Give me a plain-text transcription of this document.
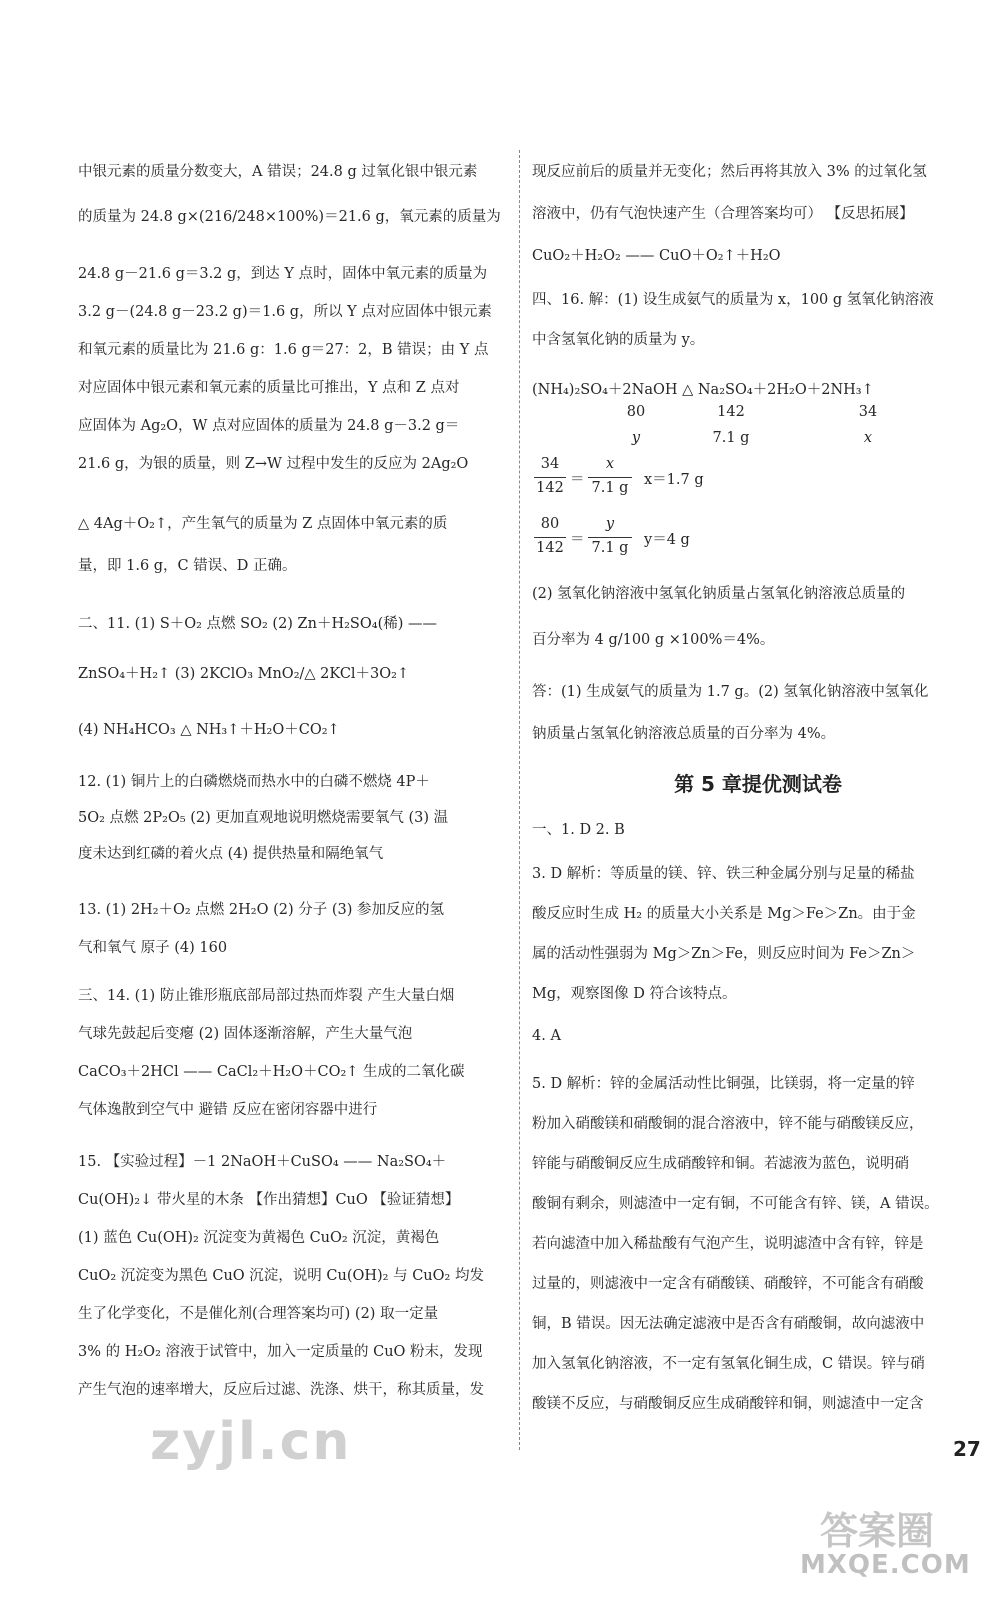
中银元素的质量分数变大，A 错误；24.8 g 过氧化银中银元素

的质量为 24.8 g×(216/248×100%)＝21.6 g，氧元素的质量为

24.8 g－21.6 g＝3.2 g，到达 Y 点时，固体中氧元素的质量为

3.2 g－(24.8 g－23.2 g)＝1.6 g，所以 Y 点对应固体中银元素

和氧元素的质量比为 21.6 g：1.6 g＝27：2，B 错误；由 Y 点

对应固体中银元素和氧元素的质量比可推出，Y 点和 Z 点对

应固体为 Ag₂O，W 点对应固体的质量为 24.8 g－3.2 g＝

21.6 g，为银的质量，则 Z→W 过程中发生的反应为 2Ag₂O

△ 4Ag＋O₂↑，产生氧气的质量为 Z 点固体中氧元素的质

量，即 1.6 g，C 错误、D 正确。

二、11. (1) S＋O₂ 点燃 SO₂ (2) Zn＋H₂SO₄(稀) ——

ZnSO₄＋H₂↑ (3) 2KClO₃ MnO₂/△ 2KCl＋3O₂↑

(4) NH₄HCO₃ △ NH₃↑＋H₂O＋CO₂↑

12. (1) 铜片上的白磷燃烧而热水中的白磷不燃烧 4P＋

5O₂ 点燃 2P₂O₅ (2) 更加直观地说明燃烧需要氧气 (3) 温

度未达到红磷的着火点 (4) 提供热量和隔绝氧气

13. (1) 2H₂＋O₂ 点燃 2H₂O (2) 分子 (3) 参加反应的氢

气和氧气 原子 (4) 160

三、14. (1) 防止锥形瓶底部局部过热而炸裂 产生大量白烟

气球先鼓起后变瘪 (2) 固体逐渐溶解，产生大量气泡

CaCO₃＋2HCl —— CaCl₂＋H₂O＋CO₂↑ 生成的二氧化碳

气体逸散到空气中 避错 反应在密闭容器中进行

15. 【实验过程】－1 2NaOH＋CuSO₄ —— Na₂SO₄＋

Cu(OH)₂↓ 带火星的木条 【作出猜想】CuO 【验证猜想】

(1) 蓝色 Cu(OH)₂ 沉淀变为黄褐色 CuO₂ 沉淀，黄褐色

CuO₂ 沉淀变为黑色 CuO 沉淀，说明 Cu(OH)₂ 与 CuO₂ 均发

生了化学变化，不是催化剂(合理答案均可) (2) 取一定量

3% 的 H₂O₂ 溶液于试管中，加入一定质量的 CuO 粉末，发现

产生气泡的速率增大，反应后过滤、洗涤、烘干，称其质量，发

现反应前后的质量并无变化；然后再将其放入 3% 的过氧化氢

溶液中，仍有气泡快速产生（合理答案均可） 【反思拓展】

CuO₂＋H₂O₂ —— CuO＋O₂↑＋H₂O

四、16. 解：(1) 设生成氨气的质量为 x，100 g 氢氧化钠溶液

中含氢氧化钠的质量为 y。

(NH₄)₂SO₄＋2NaOH △ Na₂SO₄＋2H₂O＋2NH₃↑

80	142	34
y	7.1 g	x
34
142 ＝
x
7.1 g x＝1.7 g
80
142 ＝
y
7.1 g y＝4 g

(2) 氢氧化钠溶液中氢氧化钠质量占氢氧化钠溶液总质量的

百分率为 4 g/100 g ×100%＝4%。

答：(1) 生成氨气的质量为 1.7 g。(2) 氢氧化钠溶液中氢氧化

钠质量占氢氧化钠溶液总质量的百分率为 4%。

第 5 章提优测试卷

一、1. D 2. B

3. D 解析：等质量的镁、锌、铁三种金属分别与足量的稀盐

酸反应时生成 H₂ 的质量大小关系是 Mg＞Fe＞Zn。由于金

属的活动性强弱为 Mg＞Zn＞Fe，则反应时间为 Fe＞Zn＞

Mg，观察图像 D 符合该特点。

4. A

5. D 解析：锌的金属活动性比铜强，比镁弱，将一定量的锌

粉加入硝酸镁和硝酸铜的混合溶液中，锌不能与硝酸镁反应，

锌能与硝酸铜反应生成硝酸锌和铜。若滤液为蓝色，说明硝

酸铜有剩余，则滤渣中一定有铜，不可能含有锌、镁，A 错误。

若向滤渣中加入稀盐酸有气泡产生，说明滤渣中含有锌，锌是

过量的，则滤液中一定含有硝酸镁、硝酸锌，不可能含有硝酸

铜，B 错误。因无法确定滤液中是否含有硝酸铜，故向滤液中

加入氢氧化钠溶液，不一定有氢氧化铜生成，C 错误。锌与硝

酸镁不反应，与硝酸铜反应生成硝酸锌和铜，则滤渣中一定含

27
zyjl.cn
答案圈
MXQE.COM
